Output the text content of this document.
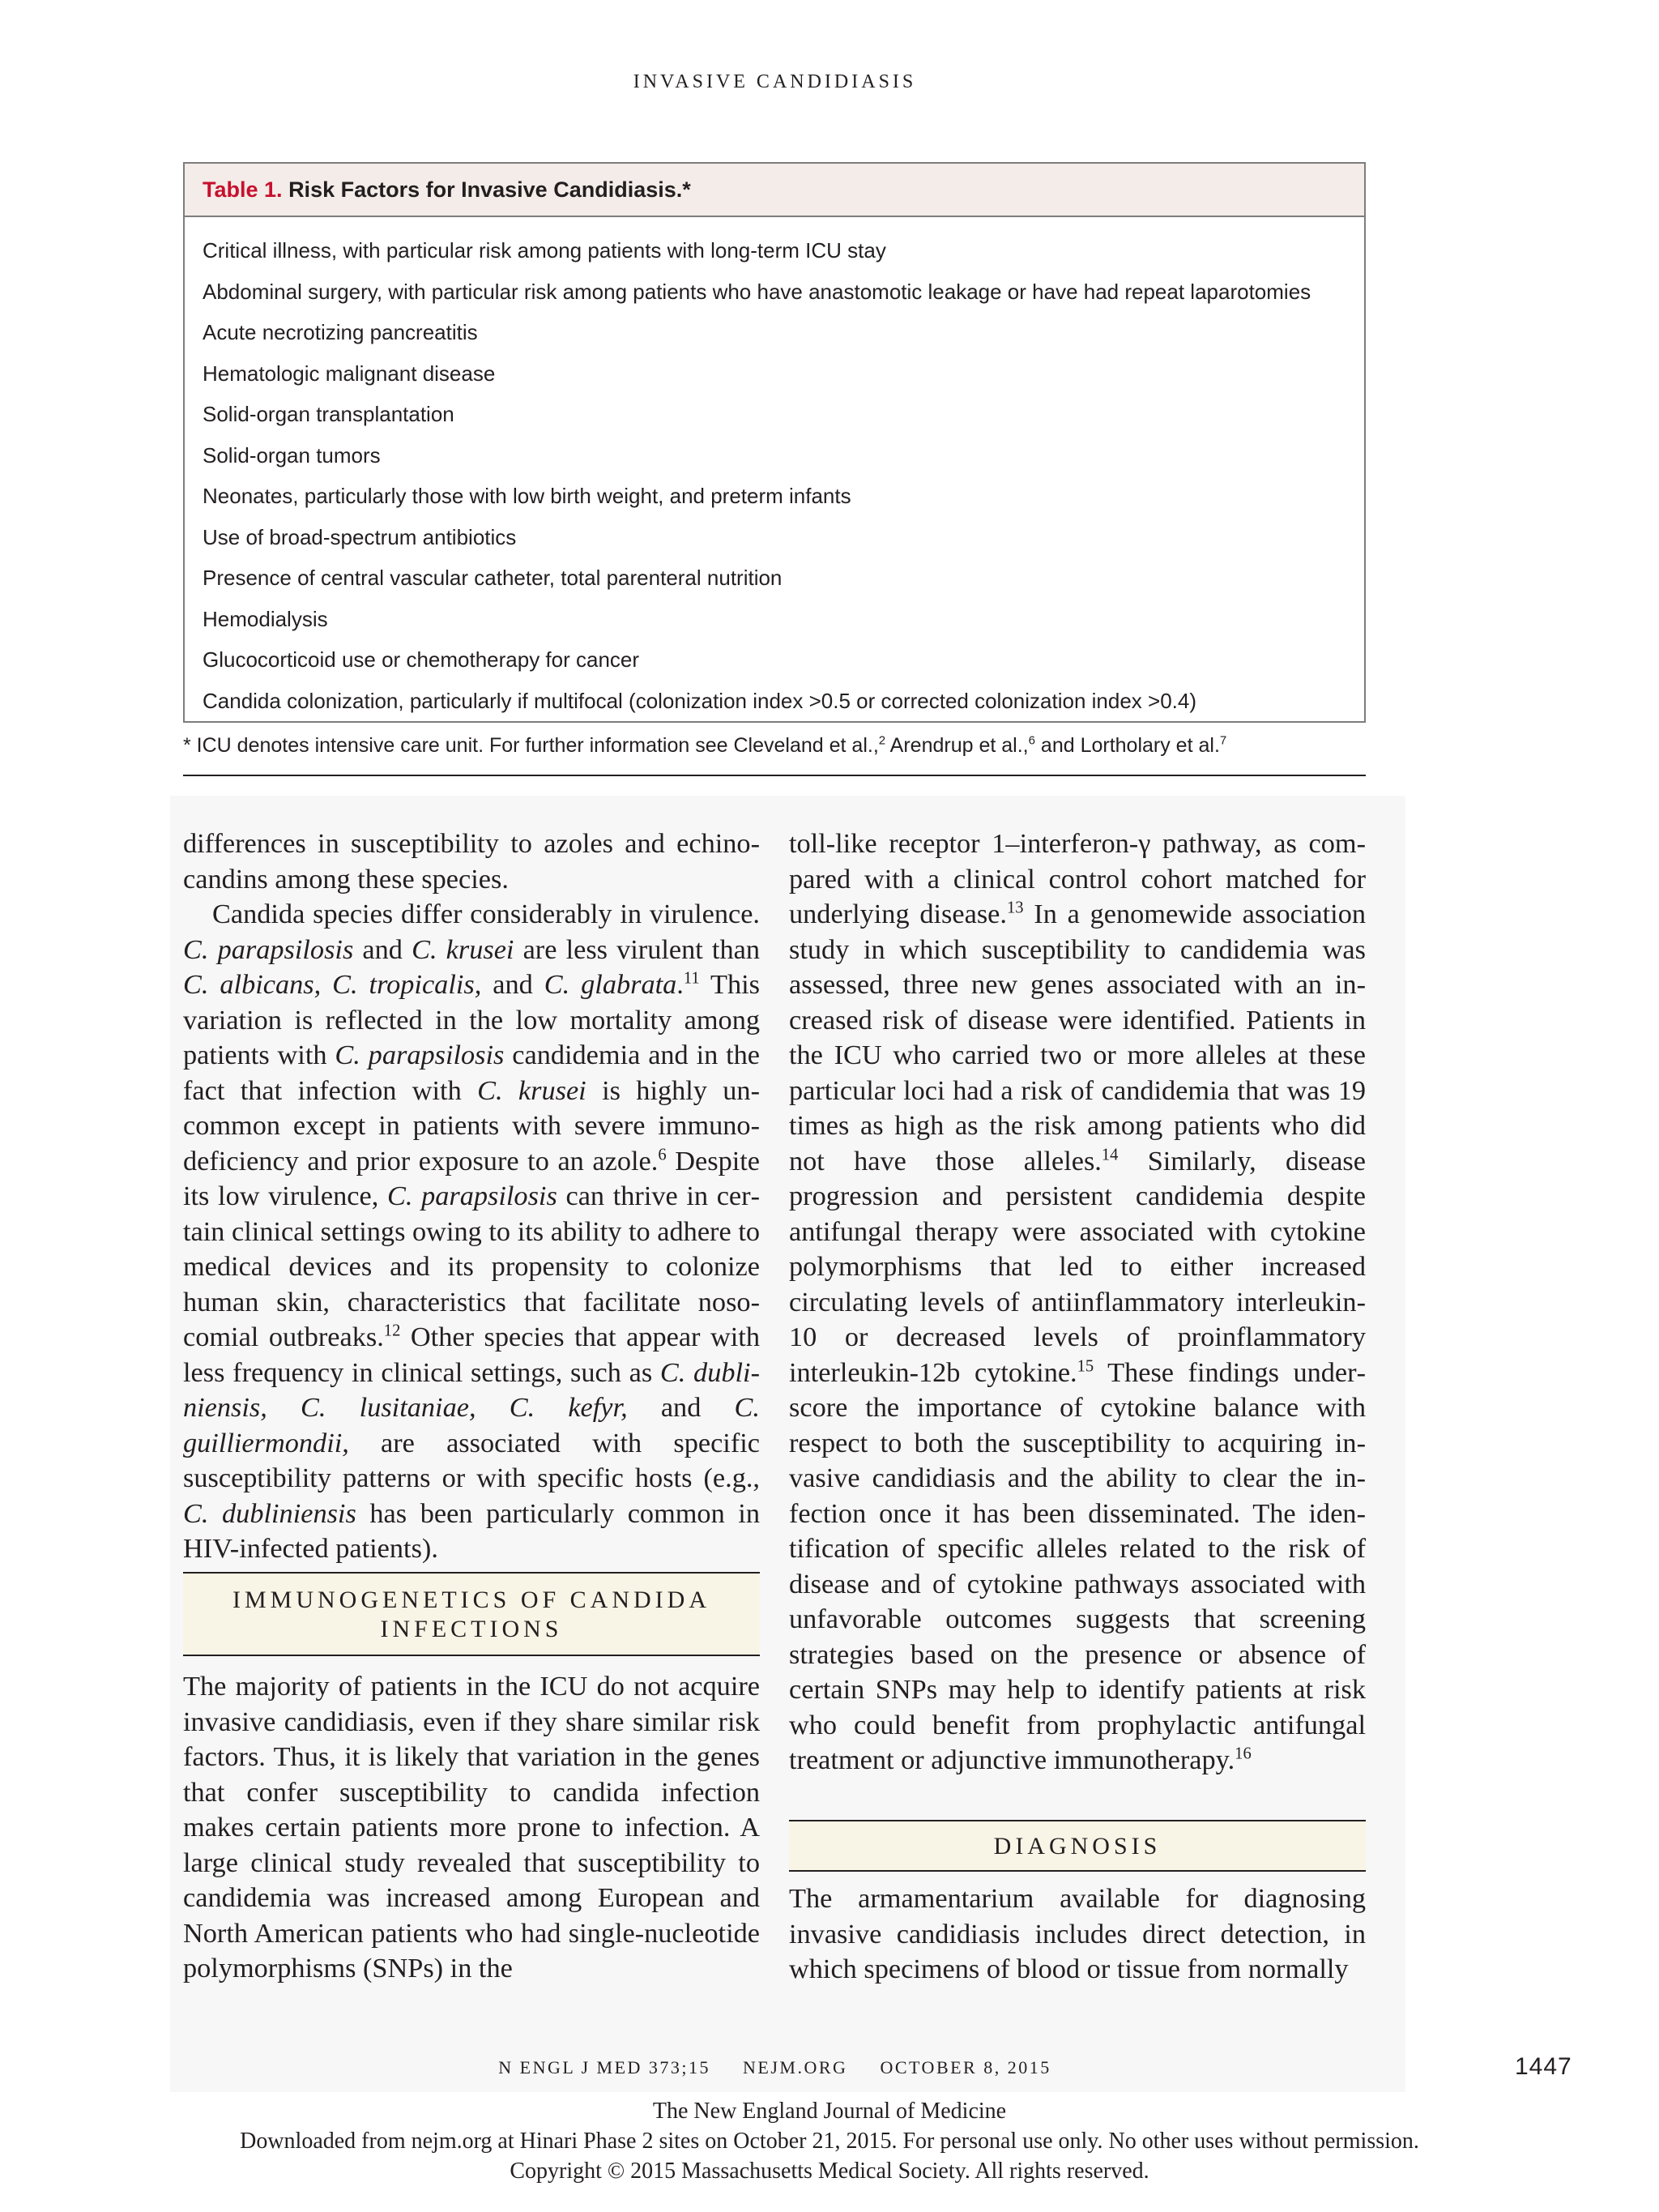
INVASIVE CANDIDIASIS
Table 1. Risk Factors for Invasive Candidiasis.*
Critical illness, with particular risk among patients with long-term ICU stay
Abdominal surgery, with particular risk among patients who have anastomotic leakage or have had repeat laparotomies
Acute necrotizing pancreatitis
Hematologic malignant disease
Solid-organ transplantation
Solid-organ tumors
Neonates, particularly those with low birth weight, and preterm infants
Use of broad-spectrum antibiotics
Presence of central vascular catheter, total parenteral nutrition
Hemodialysis
Glucocorticoid use or chemotherapy for cancer
Candida colonization, particularly if multifocal (colonization index >0.5 or corrected colonization index >0.4)
* ICU denotes intensive care unit. For further information see Cleveland et al.,$^2$ Arendrup et al.,$^6$ and Lortholary et al.$^7$

differences in susceptibility to azoles and echinocandins among these species.

Candida species differ considerably in virulence. C. parapsilosis and C. krusei are less virulent than C. albicans, C. tropicalis, and C. glabrata.$^{11}$ This variation is reflected in the low mortality among patients with C. parapsilosis candidemia and in the fact that infection with C. krusei is highly uncommon except in patients with severe immunodeficiency and prior exposure to an azole.$^6$ Despite its low virulence, C. parapsilosis can thrive in certain clinical settings owing to its ability to adhere to medical devices and its propensity to colonize human skin, characteristics that facilitate nosocomial outbreaks.$^{12}$ Other species that appear with less frequency in clinical settings, such as C. dubliniensis, C. lusitaniae, C. kefyr, and C. guilliermondii, are associated with specific susceptibility patterns or with specific hosts (e.g., C. dubliniensis has been particularly common in HIV-infected patients).

IMMUNOGENETICS OF CANDIDA INFECTIONS

The majority of patients in the ICU do not acquire invasive candidiasis, even if they share similar risk factors. Thus, it is likely that variation in the genes that confer susceptibility to candida infection makes certain patients more prone to infection. A large clinical study revealed that susceptibility to candidemia was increased among European and North American patients who had single-nucleotide polymorphisms (SNPs) in the

toll-like receptor 1–interferon-γ pathway, as compared with a clinical control cohort matched for underlying disease.$^{13}$ In a genomewide association study in which susceptibility to candidemia was assessed, three new genes associated with an increased risk of disease were identified. Patients in the ICU who carried two or more alleles at these particular loci had a risk of candidemia that was 19 times as high as the risk among patients who did not have those alleles.$^{14}$ Similarly, disease progression and persistent candidemia despite antifungal therapy were associated with cytokine polymorphisms that led to either increased circulating levels of antiinflammatory interleukin-10 or decreased levels of proinflammatory interleukin-12b cytokine.$^{15}$ These findings underscore the importance of cytokine balance with respect to both the susceptibility to acquiring invasive candidiasis and the ability to clear the infection once it has been disseminated. The identification of specific alleles related to the risk of disease and of cytokine pathways associated with unfavorable outcomes suggests that screening strategies based on the presence or absence of certain SNPs may help to identify patients at risk who could benefit from prophylactic antifungal treatment or adjunctive immunotherapy.$^{16}$

DIAGNOSIS

The armamentarium available for diagnosing invasive candidiasis includes direct detection, in which specimens of blood or tissue from normally

N ENGL J MED 373;15 NEJM.ORG OCTOBER 8, 2015	1447
The New England Journal of Medicine
Downloaded from nejm.org at Hinari Phase 2 sites on October 21, 2015. For personal use only. No other uses without permission.
Copyright © 2015 Massachusetts Medical Society. All rights reserved.
